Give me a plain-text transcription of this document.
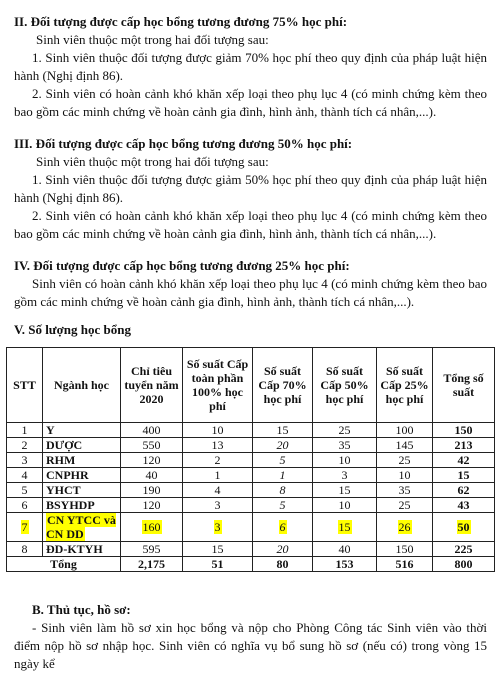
II. Đối tượng được cấp học bổng tương đương 75% học phí:

Sinh viên thuộc một trong hai đối tượng sau:

1. Sinh viên thuộc đối tượng được giảm 70% học phí theo quy định của pháp luật hiện hành (Nghị định 86).

2. Sinh viên có hoàn cảnh khó khăn xếp loại theo phụ lục 4 (có minh chứng kèm theo bao gồm các minh chứng về hoàn cảnh gia đình, hình ảnh, thành tích cá nhân,...).

III. Đối tượng được cấp học bổng tương đương 50% học phí:

Sinh viên thuộc một trong hai đối tượng sau:

1. Sinh viên thuộc đối tượng được giảm 50% học phí theo quy định của pháp luật hiện hành (Nghị định 86).

2. Sinh viên có hoàn cảnh khó khăn xếp loại theo phụ lục 4 (có minh chứng kèm theo bao gồm các minh chứng về hoàn cảnh gia đình, hình ảnh, thành tích cá nhân,...).

IV. Đối tượng được cấp học bổng tương đương 25% học phí:

Sinh viên có hoàn cảnh khó khăn xếp loại theo phụ lục 4 (có minh chứng kèm theo bao gồm các minh chứng về hoàn cảnh gia đình, hình ảnh, thành tích cá nhân,...).

V. Số lượng học bổng

STT	Ngành học	Chỉ tiêu tuyển năm 2020	Số suất Cấp toàn phần 100% học phí	Số suất Cấp 70% học phí	Số suất Cấp 50% học phí	Số suất Cấp 25% học phí	Tổng số suất
1	Y	400	10	15	25	100	150
2	DƯỢC	550	13	20	35	145	213
3	RHM	120	2	5	10	25	42
4	CNPHR	40	1	1	3	10	15
5	YHCT	190	4	8	15	35	62
6	BSYHDP	120	3	5	10	25	43
7	CN YTCC và CN DD	160	3	6	15	26	50
8	ĐD-KTYH	595	15	20	40	150	225
Tổng		2,175	51	80	153	516	800

B. Thủ tục, hồ sơ:

- Sinh viên làm hồ sơ xin học bổng và nộp cho Phòng Công tác Sinh viên vào thời điểm nộp hồ sơ nhập học. Sinh viên có nghĩa vụ bổ sung hồ sơ (nếu có) trong vòng 15 ngày kể
